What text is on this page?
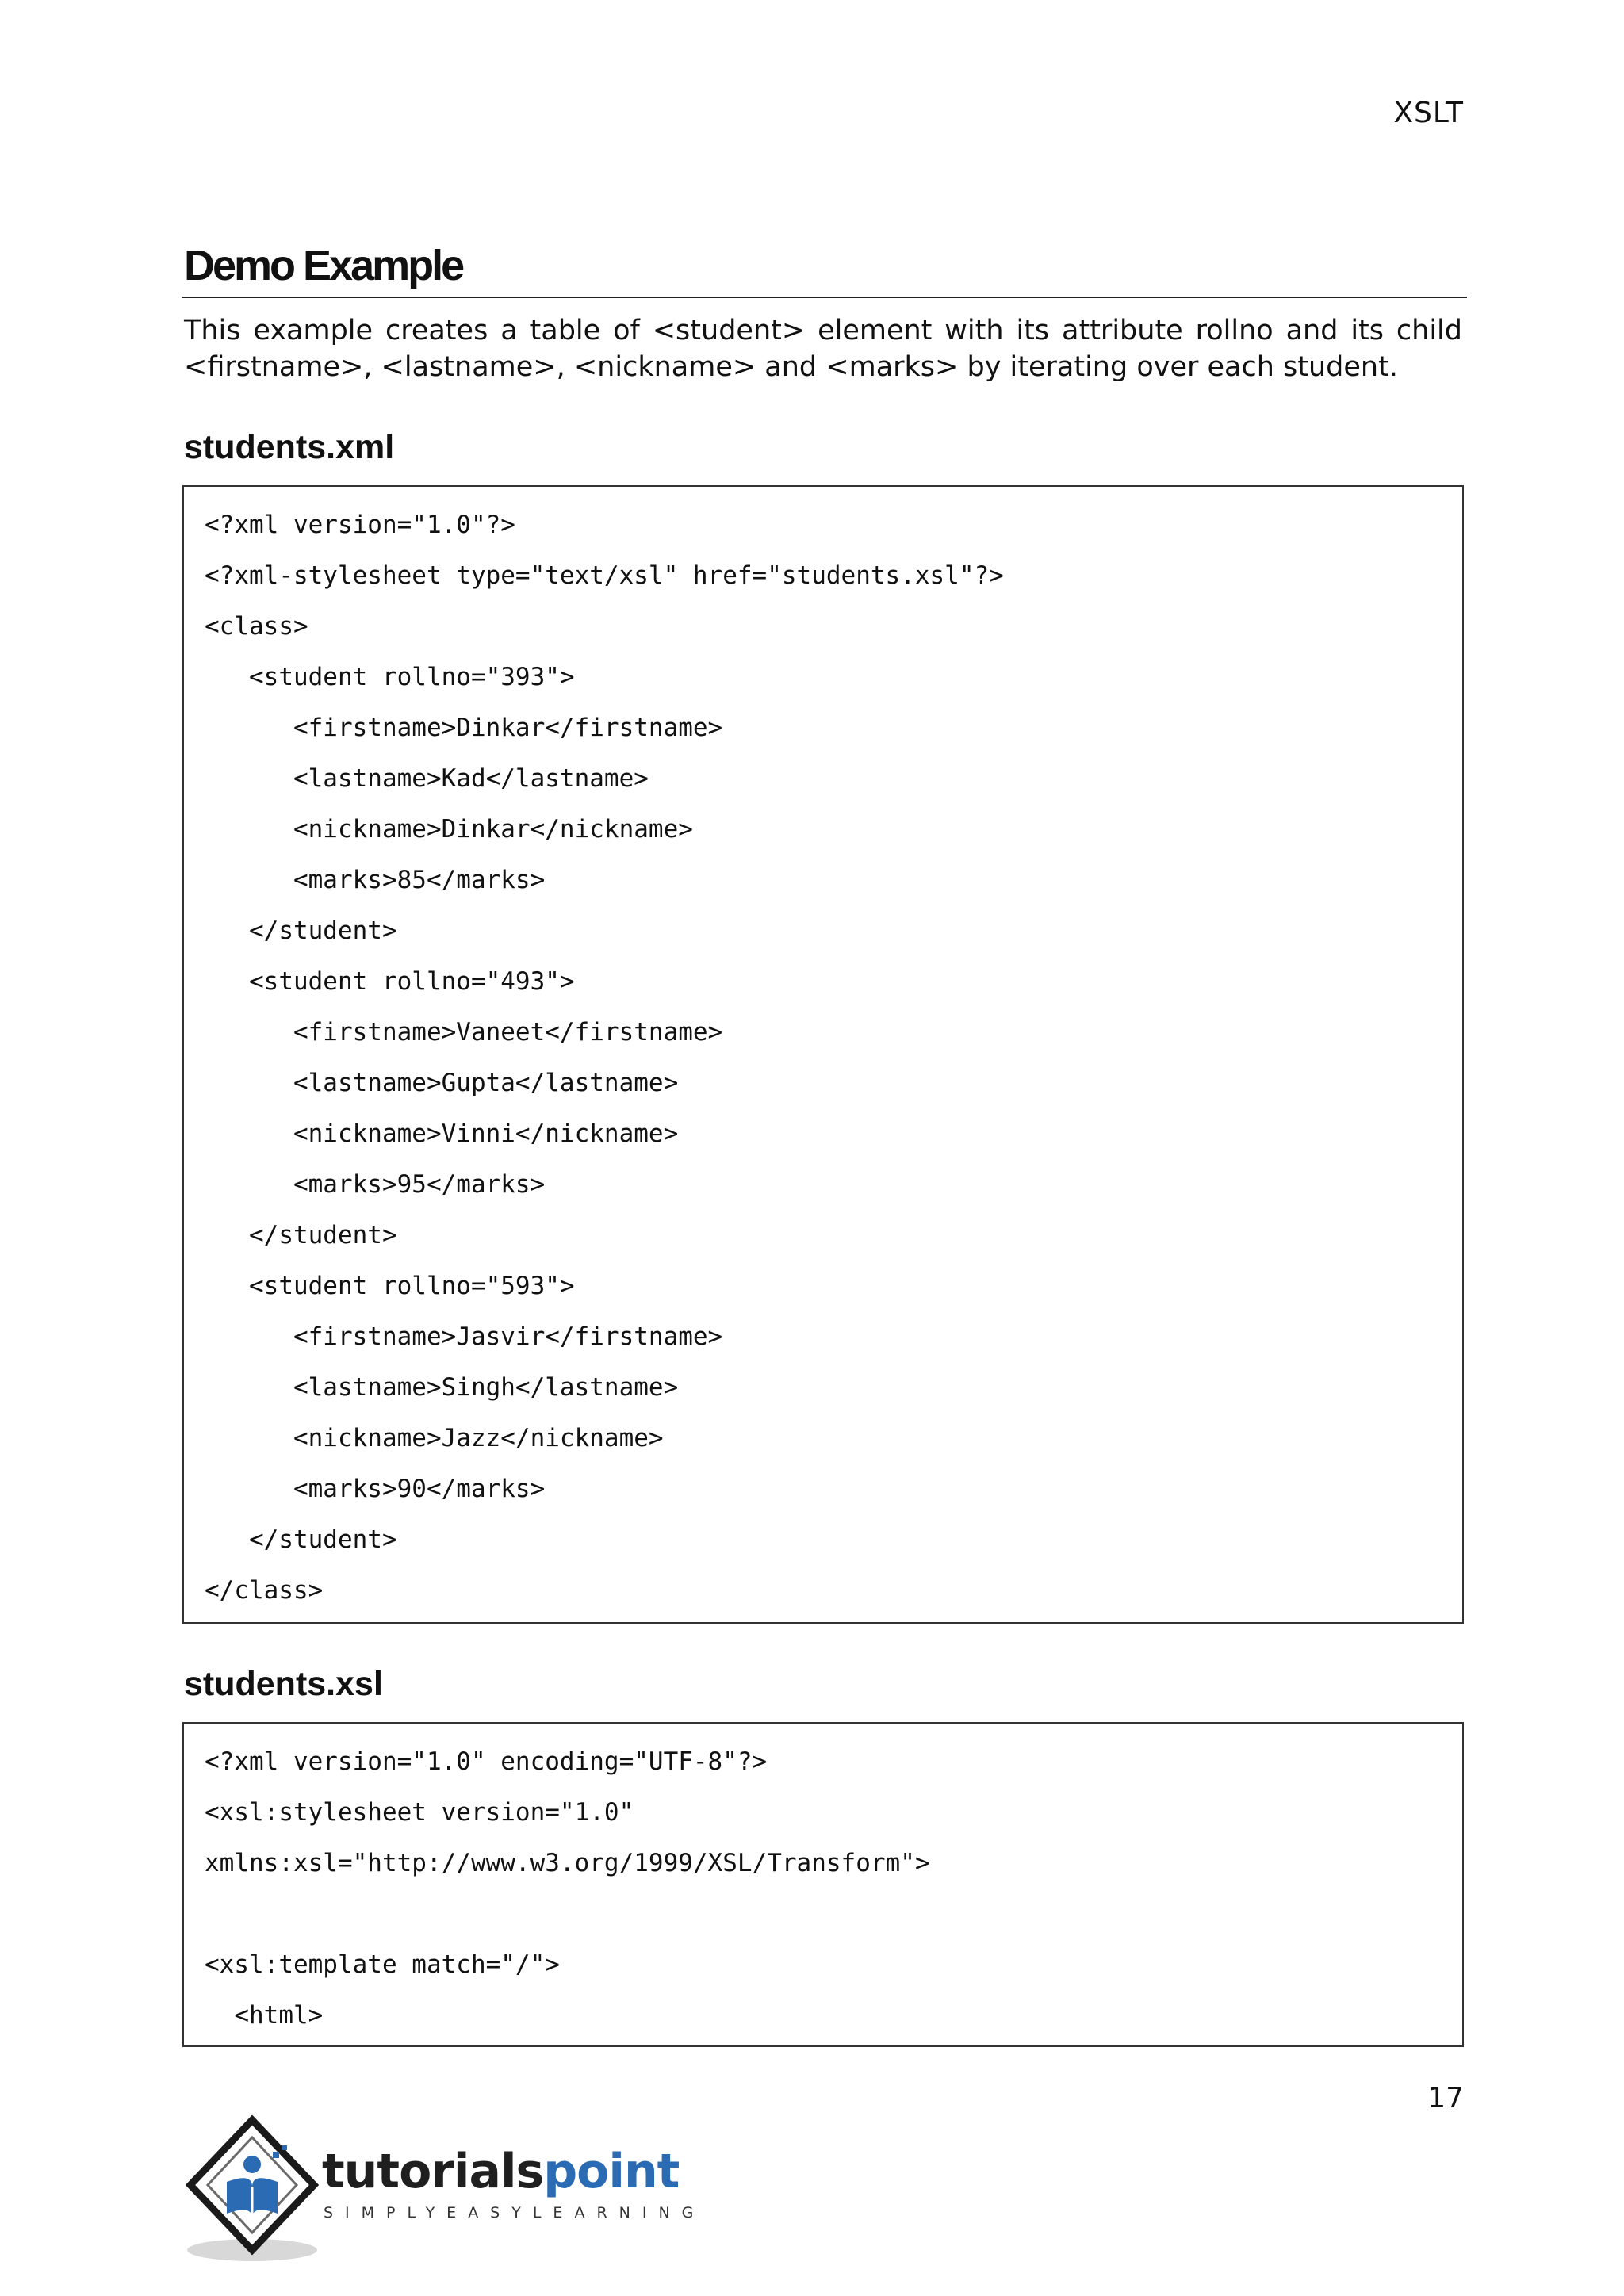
XSLT
Demo Example
This example creates a table of <student> element with its attribute rollno and its child <firstname>, <lastname>, <nickname> and <marks> by iterating over each student.
students.xml
<?xml version="1.0"?>
<?xml-stylesheet type="text/xsl" href="students.xsl"?>
<class>
<student rollno="393">
<firstname>Dinkar</firstname>
<lastname>Kad</lastname>
<nickname>Dinkar</nickname>
<marks>85</marks>
</student>
<student rollno="493">
<firstname>Vaneet</firstname>
<lastname>Gupta</lastname>
<nickname>Vinni</nickname>
<marks>95</marks>
</student>
<student rollno="593">
<firstname>Jasvir</firstname>
<lastname>Singh</lastname>
<nickname>Jazz</nickname>
<marks>90</marks>
</student>
</class>
students.xsl
<?xml version="1.0" encoding="UTF-8"?>
<xsl:stylesheet version="1.0"
xmlns:xsl="http://www.w3.org/1999/XSL/Transform">
<xsl:template match="/">
<html>
17
tutorialspoint
SIMPLYEASYLEARNING
